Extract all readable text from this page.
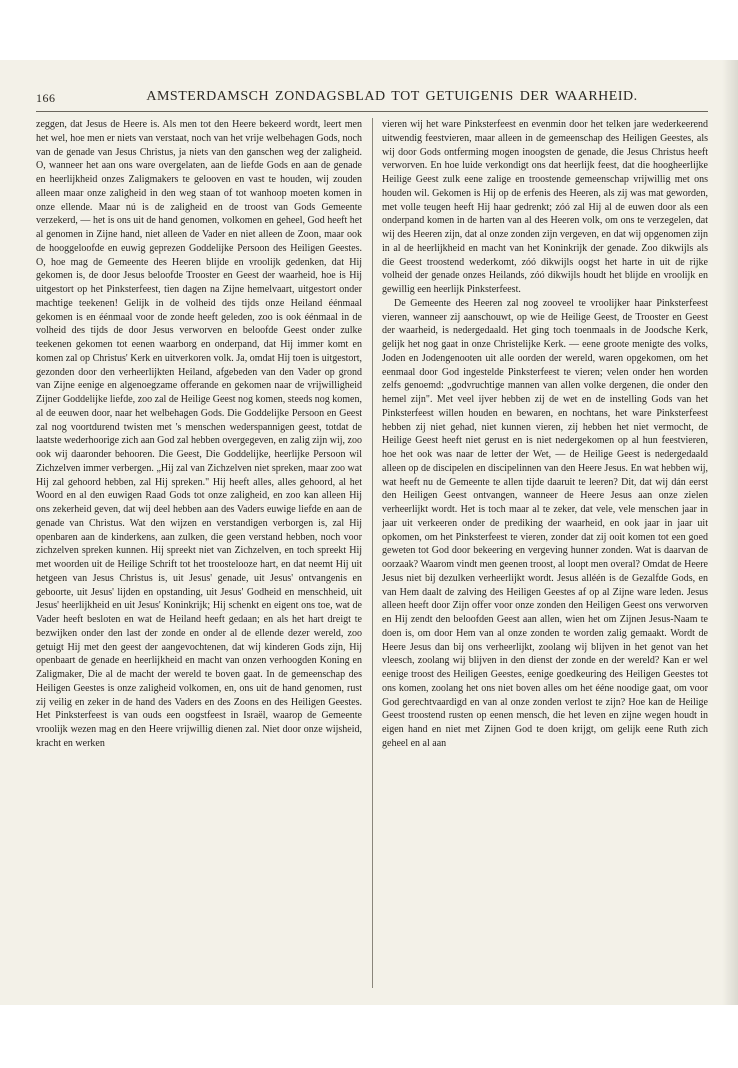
166	AMSTERDAMSCH ZONDAGSBLAD TOT GETUIGENIS DER WAARHEID.

zeggen, dat Jesus de Heere is. Als men tot den Heere bekeerd wordt, leert men het wel, hoe men er niets van verstaat, noch van het vrije welbehagen Gods, noch van de genade van Jesus Christus, ja niets van den ganschen weg der zaligheid. O, wanneer het aan ons ware overgelaten, aan de liefde Gods en aan de genade en heerlijkheid onzes Zaligmakers te gelooven en vast te houden, wij zouden alleen maar onze zaligheid in den weg staan of tot wanhoop moeten komen in onze ellende. Maar nú is de zaligheid en de troost van Gods Gemeente verzekerd, — het is ons uit de hand genomen, volkomen en geheel, God heeft het al genomen in Zijne hand, niet alleen de Vader en niet alleen de Zoon, maar ook de hooggeloofde en euwig geprezen Goddelijke Persoon des Heiligen Geestes. O, hoe mag de Gemeente des Heeren blijde en vroolijk gedenken, dat Hij gekomen is, de door Jesus beloofde Trooster en Geest der waarheid, hoe is Hij uitgestort op het Pinksterfeest, tien dagen na Zijne hemelvaart, uitgestort onder machtige teekenen! Gelijk in de volheid des tijds onze Heiland éénmaal gekomen is en éénmaal voor de zonde heeft geleden, zoo is ook éénmaal in de volheid des tijds de door Jesus verworven en beloofde Geest onder zulke teekenen gekomen tot eenen waarborg en onderpand, dat Hij immer komt en komen zal op Christus' Kerk en uitverkoren volk. Ja, omdat Hij toen is uitgestort, gezonden door den verheerlijkten Heiland, afgebeden van den Vader op grond van Zijne eenige en algenoegzame offerande en gekomen naar de vrijwilligheid Zijner Goddelijke liefde, zoo zal de Heilige Geest nog komen, steeds nog komen, al de eeuwen door, naar het welbehagen Gods. Die Goddelijke Persoon en Geest zal nog voortdurend twisten met 's menschen wederspannigen geest, totdat de laatste wederhoorige zich aan God zal hebben overgegeven, en zalig zijn wij, zoo ook wij daaronder behooren. Die Geest, Die Goddelijke, heerlijke Persoon wil Zichzelven immer verbergen. „Hij zal van Zichzelven niet spreken, maar zoo wat Hij zal gehoord hebben, zal Hij spreken." Hij heeft alles, alles gehoord, al het Woord en al den euwigen Raad Gods tot onze zaligheid, en zoo kan alleen Hij ons zekerheid geven, dat wij deel hebben aan des Vaders euwige liefde en aan de genade van Christus. Wat den wijzen en verstandigen verborgen is, zal Hij openbaren aan de kinderkens, aan zulken, die geen verstand hebben, noch voor zichzelven spreken kunnen. Hij spreekt niet van Zichzelven, en toch spreekt Hij met woorden uit de Heilige Schrift tot het troostelooze hart, en dat neemt Hij uit hetgeen van Jesus Christus is, uit Jesus' genade, uit Jesus' ontvangenis en geboorte, uit Jesus' lijden en opstanding, uit Jesus' Godheid en menschheid, uit Jesus' heerlijkheid en uit Jesus' Koninkrijk; Hij schenkt en eigent ons toe, wat de Vader heeft besloten en wat de Heiland heeft gedaan; en als het hart dreigt te bezwijken onder den last der zonde en onder al de ellende dezer wereld, zoo getuigt Hij met den geest der aangevochtenen, dat wij kinderen Gods zijn, Hij openbaart de genade en heerlijkheid en macht van onzen verhoogden Koning en Zaligmaker, Die al de macht der wereld te boven gaat. In de gemeenschap des Heiligen Geestes is onze zaligheid volkomen, en, ons uit de hand genomen, rust zij veilig en zeker in de hand des Vaders en des Zoons en des Heiligen Geestes. Het Pinksterfeest is van ouds een oogstfeest in Israël, waarop de Gemeente vroolijk wezen mag en den Heere vrijwillig dienen zal. Niet door onze wijsheid, kracht en werken

vieren wij het ware Pinksterfeest en evenmin door het telken jare wederkeerend uitwendig feestvieren, maar alleen in de gemeenschap des Heiligen Geestes, als wij door Gods ontferming mogen inoogsten de genade, die Jesus Christus heeft verworven. En hoe luide verkondigt ons dat heerlijk feest, dat die hoogheerlijke Heilige Geest zulk eene zalige en troostende gemeenschap vrijwillig met ons houden wil. Gekomen is Hij op de erfenis des Heeren, als zij was mat geworden, met volle teugen heeft Hij haar gedrenkt; zóó zal Hij al de euwen door als een onderpand komen in de harten van al des Heeren volk, om ons te verzegelen, dat wij des Heeren zijn, dat al onze zonden zijn vergeven, en dat wij opgenomen zijn in al de heerlijkheid en macht van het Koninkrijk der genade. Zoo dikwijls als die Geest troostend wederkomt, zóó dikwijls oogst het harte in uit de rijke volheid der genade onzes Heilands, zóó dikwijls houdt het blijde en vroolijk en gewillig een heerlijk Pinksterfeest.

De Gemeente des Heeren zal nog zooveel te vroolijker haar Pinksterfeest vieren, wanneer zij aanschouwt, op wie de Heilige Geest, de Trooster en Geest der waarheid, is nedergedaald. Het ging toch toenmaals in de Joodsche Kerk, gelijk het nog gaat in onze Christelijke Kerk. — eene groote menigte des volks, Joden en Jodengenooten uit alle oorden der wereld, waren opgekomen, om het eenmaal door God ingestelde Pinksterfeest te vieren; velen onder hen worden zelfs genoemd: „godvruchtige mannen van allen volke dergenen, die onder den hemel zijn". Met veel ijver hebben zij de wet en de instelling Gods van het Pinksterfeest willen houden en bewaren, en nochtans, het ware Pinksterfeest hebben zij niet gehad, niet kunnen vieren, zij hebben het niet vermocht, de Heilige Geest heeft niet gerust en is niet nedergekomen op al hun feestvieren, hoe het ook was naar de letter der Wet, — de Heilige Geest is nedergedaald alleen op de discipelen en discipelinnen van den Heere Jesus. En wat hebben wij, wat heeft nu de Gemeente te allen tijde daaruit te leeren? Dit, dat wij dán eerst den Heiligen Geest ontvangen, wanneer de Heere Jesus aan onze zielen verheerlijkt wordt. Het is toch maar al te zeker, dat vele, vele menschen jaar in jaar uit verkeeren onder de prediking der waarheid, en ook jaar in jaar uit opkomen, om het Pinksterfeest te vieren, zonder dat zij ooit komen tot een goed geweten tot God door bekeering en vergeving hunner zonden. Wat is daarvan de oorzaak? Waarom vindt men geenen troost, al loopt men overal? Omdat de Heere Jesus niet bij dezulken verheerlijkt wordt. Jesus alléén is de Gezalfde Gods, en van Hem daalt de zalving des Heiligen Geestes af op al Zijne ware leden. Jesus alleen heeft door Zijn offer voor onze zonden den Heiligen Geest ons verworven en Hij zendt den beloofden Geest aan allen, wien het om Zijnen Jesus-Naam te doen is, om door Hem van al onze zonden te worden zalig gemaakt. Wordt de Heere Jesus dan bij ons verheerlijkt, zoolang wij blijven in het genot van het vleesch, zoolang wij blijven in den dienst der zonde en der wereld? Kan er wel eenige troost des Heiligen Geestes, eenige goedkeuring des Heiligen Geestes tot ons komen, zoolang het ons niet boven alles om het ééne noodige gaat, om voor God gerechtvaardigd en van al onze zonden verlost te zijn? Hoe kan de Heilige Geest troostend rusten op eenen mensch, die het leven en zijne wegen houdt in eigen hand en niet met Zijnen God te doen krijgt, om gelijk eene Ruth zich geheel en al aan
